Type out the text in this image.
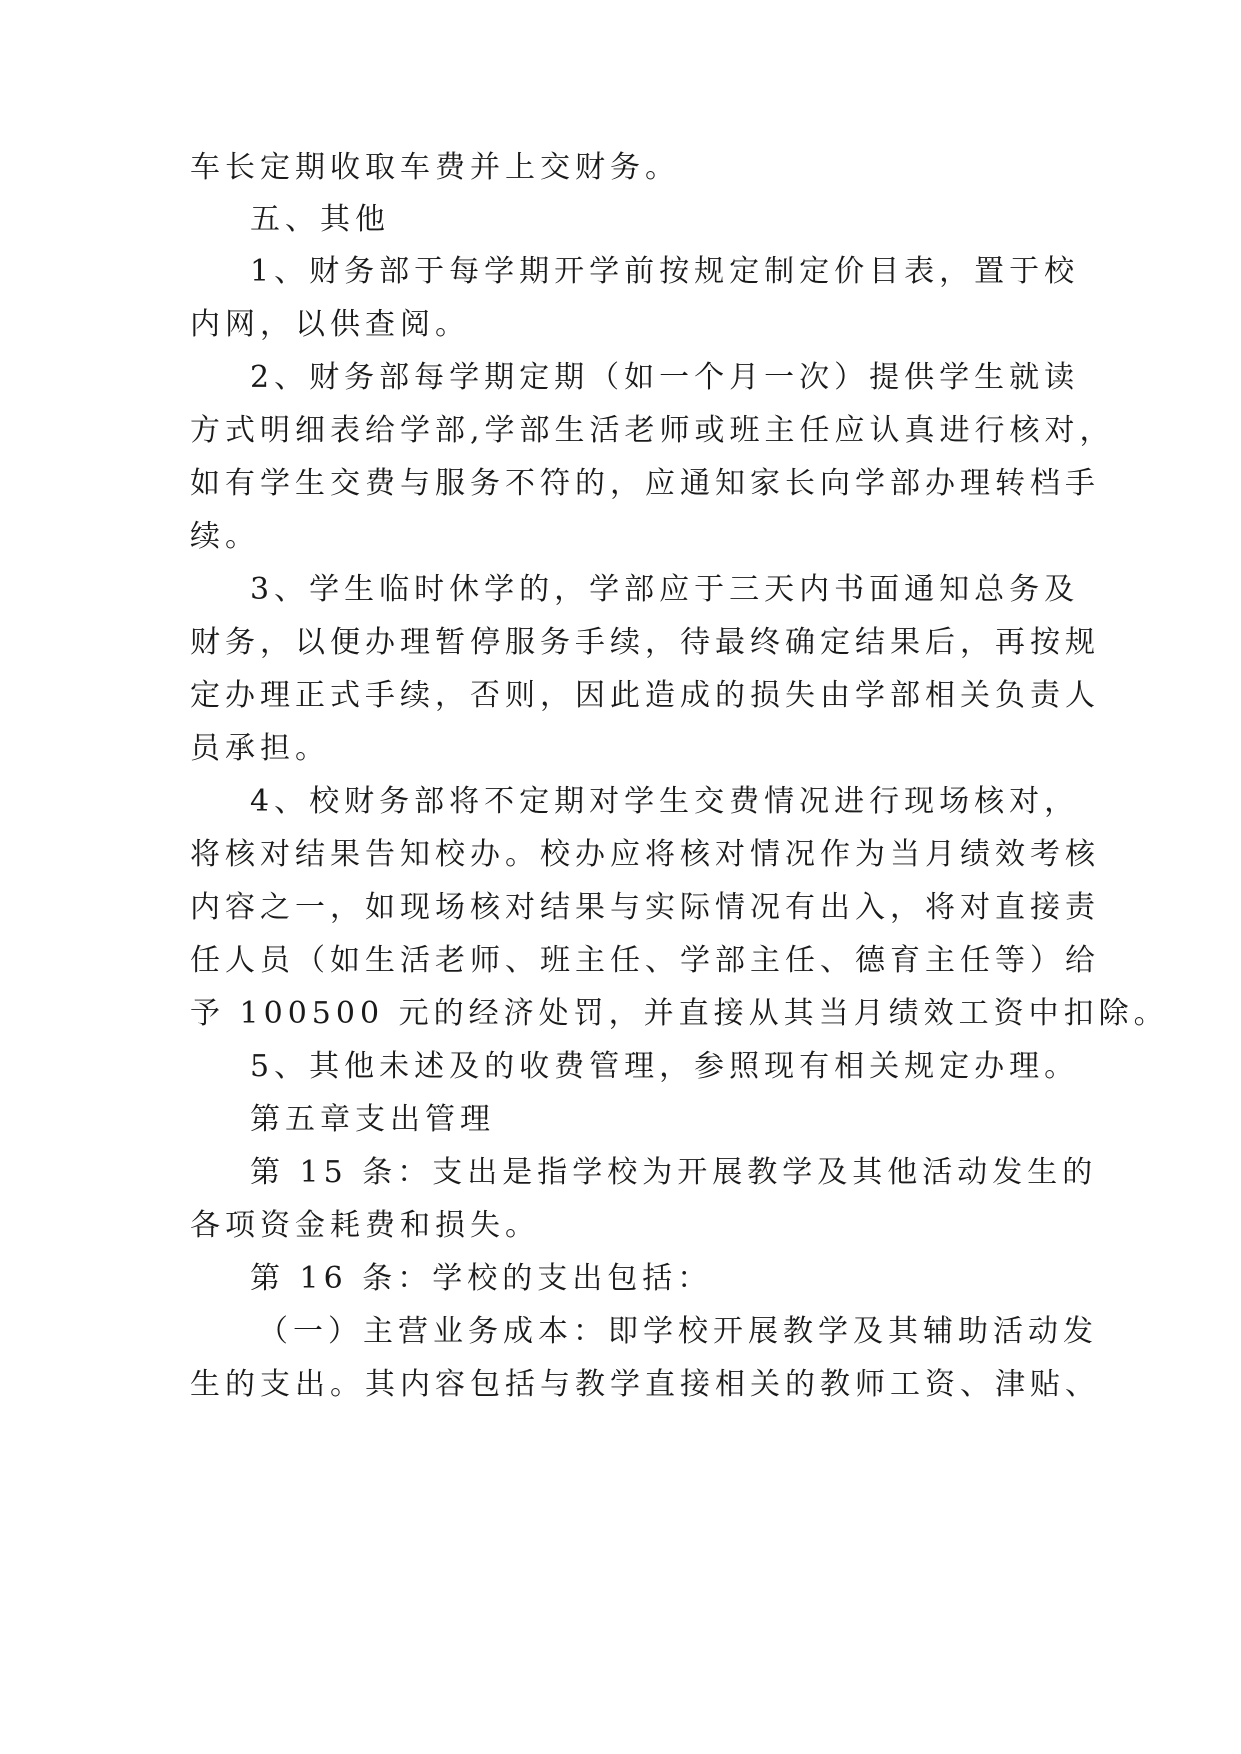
车长定期收取车费并上交财务。
五、其他
1、财务部于每学期开学前按规定制定价目表，置于校
内网，以供查阅。
2、财务部每学期定期（如一个月一次）提供学生就读
方式明细表给学部,学部生活老师或班主任应认真进行核对，
如有学生交费与服务不符的，应通知家长向学部办理转档手
续。
3、学生临时休学的，学部应于三天内书面通知总务及
财务，以便办理暂停服务手续，待最终确定结果后，再按规
定办理正式手续，否则，因此造成的损失由学部相关负责人
员承担。
4、校财务部将不定期对学生交费情况进行现场核对，
将核对结果告知校办。校办应将核对情况作为当月绩效考核
内容之一，如现场核对结果与实际情况有出入，将对直接责
任人员（如生活老师、班主任、学部主任、德育主任等）给
予 100500 元的经济处罚，并直接从其当月绩效工资中扣除。
5、其他未述及的收费管理，参照现有相关规定办理。
第五章支出管理
第 15 条：支出是指学校为开展教学及其他活动发生的
各项资金耗费和损失。
第 16 条：学校的支出包括：
（一）主营业务成本：即学校开展教学及其辅助活动发
生的支出。其内容包括与教学直接相关的教师工资、津贴、
